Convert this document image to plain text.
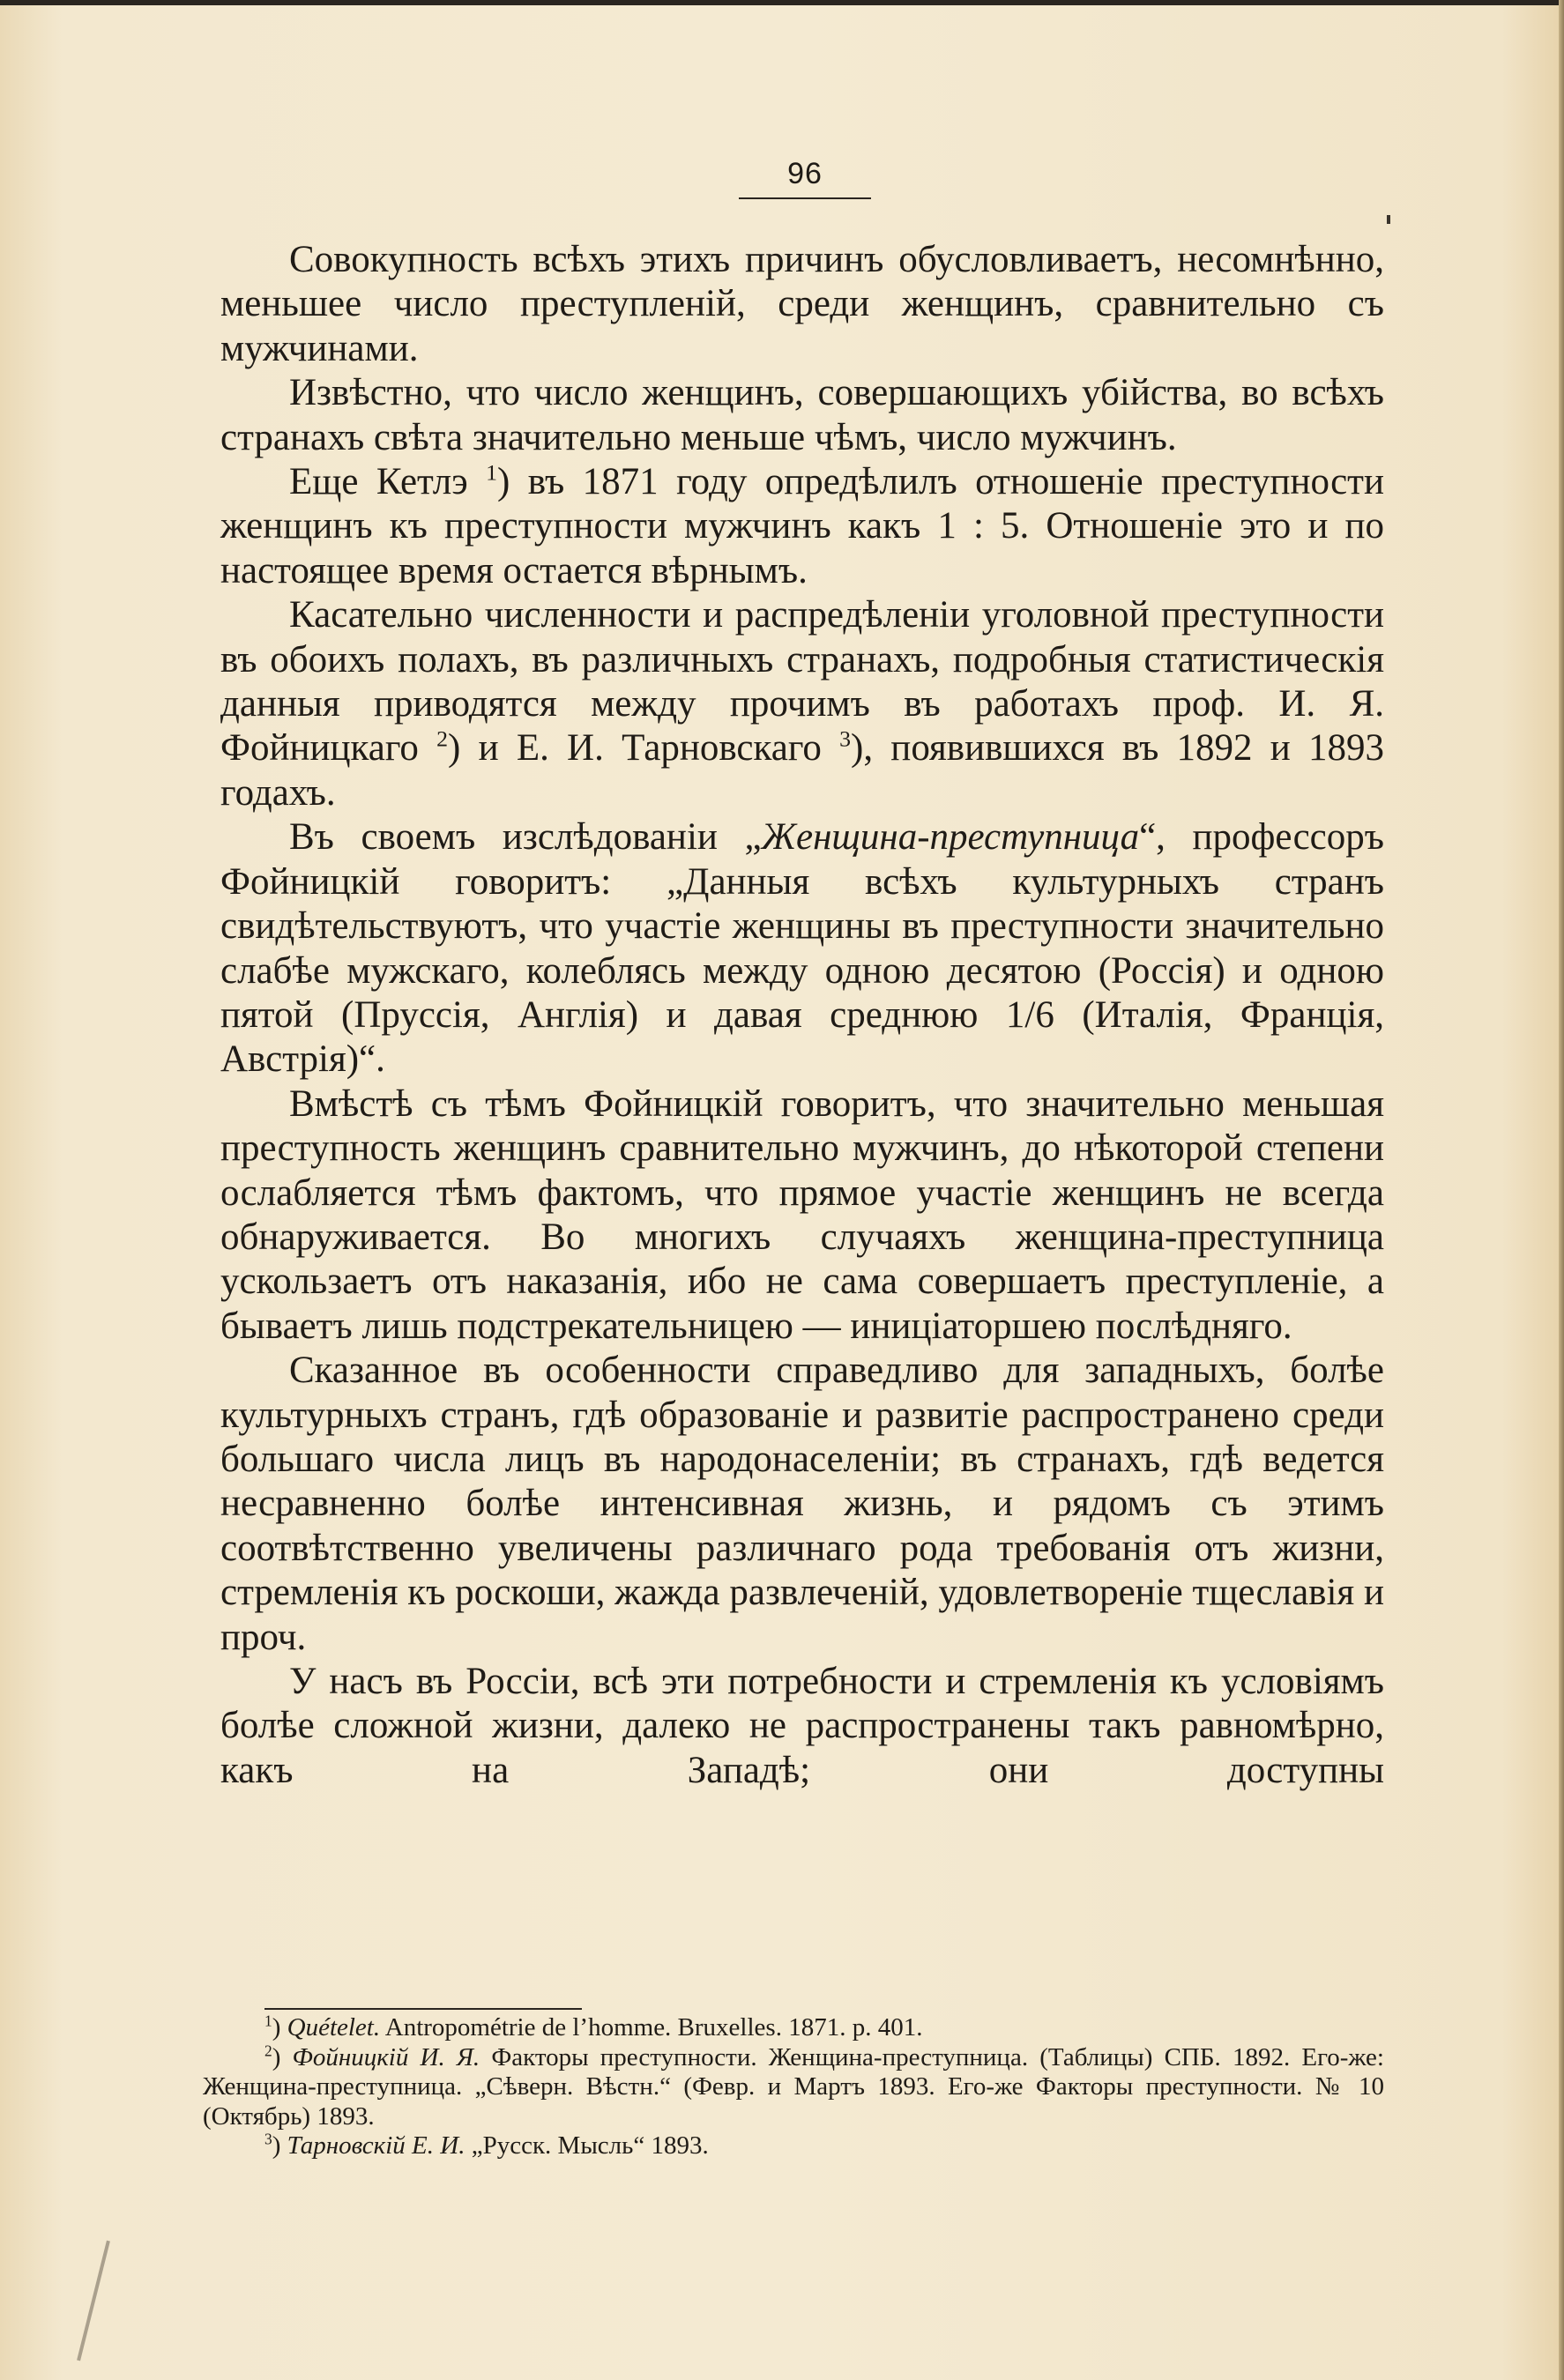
96

Совокупность всѣхъ этихъ причинъ обусловливаетъ, несомнѣнно, меньшее число преступленій, среди женщинъ, сравнительно съ мужчинами.

Извѣстно, что число женщинъ, совершающихъ убійства, во всѣхъ странахъ свѣта значительно меньше чѣмъ, число мужчинъ.

Еще Кетлэ $^1$) въ 1871 году опредѣлилъ отношеніе преступности женщинъ къ преступности мужчинъ какъ 1 : 5. Отношеніе это и по настоящее время остается вѣрнымъ.

Касательно численности и распредѣленіи уголовной преступности въ обоихъ полахъ, въ различныхъ странахъ, подробныя статистическія данныя приводятся между прочимъ въ работахъ проф. И. Я. Фойницкаго $^2$) и Е. И. Тарновскаго $^3$), появившихся въ 1892 и 1893 годахъ.

Въ своемъ изслѣдованіи „Женщина-преступница“, профессоръ Фойницкій говоритъ: „Данныя всѣхъ культурныхъ странъ свидѣтельствуютъ, что участіе женщины въ преступности значительно слабѣе мужскаго, колеблясь между одною десятою (Россія) и одною пятой (Пруссія, Англія) и давая среднюю 1/6 (Италія, Франція, Австрія)“.

Вмѣстѣ съ тѣмъ Фойницкій говоритъ, что значительно меньшая преступность женщинъ сравнительно мужчинъ, до нѣкоторой степени ослабляется тѣмъ фактомъ, что прямое участіе женщинъ не всегда обнаруживается. Во многихъ случаяхъ женщина-преступница ускользаетъ отъ наказанія, ибо не сама совершаетъ преступленіе, а бываетъ лишь подстрекательницею — иниціаторшею послѣдняго.

Сказанное въ особенности справедливо для западныхъ, болѣе культурныхъ странъ, гдѣ образованіе и развитіе распространено среди большаго числа лицъ въ народонаселеніи; въ странахъ, гдѣ ведется несравненно болѣе интенсивная жизнь, и рядомъ съ этимъ соотвѣтственно увеличены различнаго рода требованія отъ жизни, стремленія къ роскоши, жажда развлеченій, удовлетвореніе тщеславія и проч.

У насъ въ Россіи, всѣ эти потребности и стремленія къ условіямъ болѣе сложной жизни, далеко не распространены такъ равномѣрно, какъ на Западѣ; они доступны

$^1$) Quételet. Antropométrie de l’homme. Bruxelles. 1871. p. 401.

$^2$) Фойницкій И. Я. Факторы преступности. Женщина-преступница. (Таблицы) СПБ. 1892. Его-же: Женщина-преступница. „Сѣверн. Вѣстн.“ (Февр. и Мартъ 1893. Его-же Факторы преступности. № 10 (Октябрь) 1893.

$^3$) Тарновскій Е. И. „Русск. Мысль“ 1893.
